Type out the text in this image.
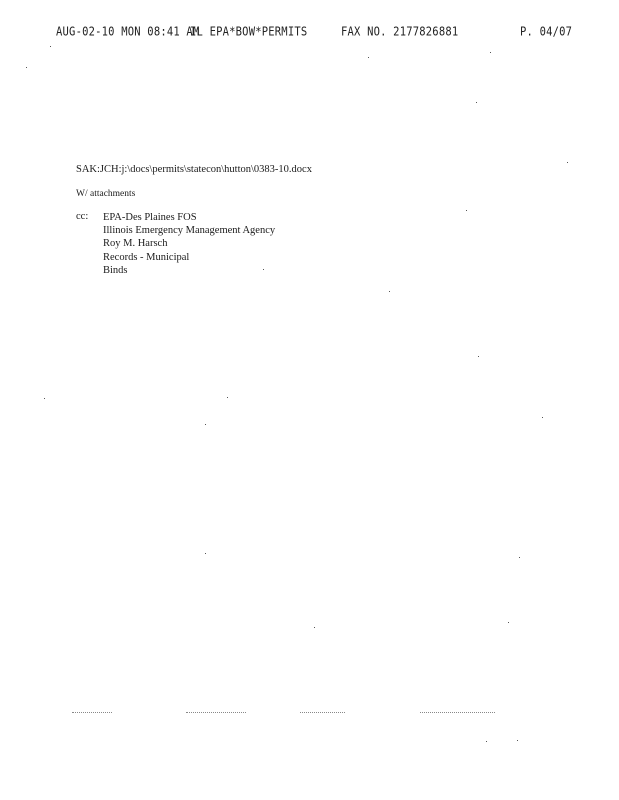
AUG-02-10 MON 08:41 AM
IL EPA*BOW*PERMITS	FAX NO. 2177826881	P. 04/07
SAK:JCH:j:\docs\permits\statecon\hutton\0383-10.docx
W/ attachments
cc: EPA-Des Plaines FOS
Illinois Emergency Management Agency
Roy M. Harsch
Records - Municipal
Binds
